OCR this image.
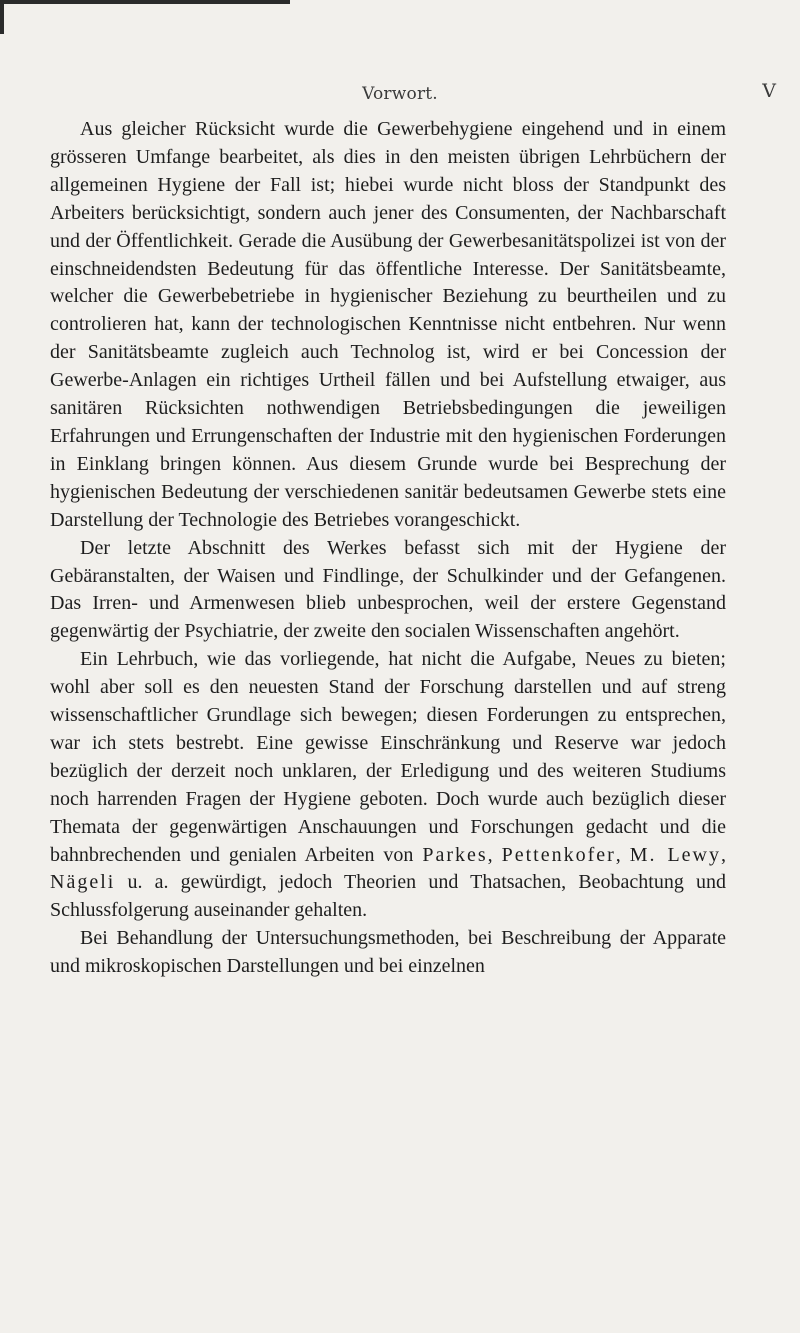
Vorwort.	V

Aus gleicher Rücksicht wurde die Gewerbehygiene eingehend und in einem grösseren Umfange bearbeitet, als dies in den meisten übrigen Lehrbüchern der allgemeinen Hygiene der Fall ist; hiebei wurde nicht bloss der Standpunkt des Arbeiters berücksichtigt, sondern auch jener des Consumenten, der Nachbarschaft und der Öffentlichkeit. Gerade die Ausübung der Gewerbesanitätspolizei ist von der einschneidendsten Bedeutung für das öffentliche Interesse. Der Sanitätsbeamte, welcher die Gewerbebetriebe in hygienischer Beziehung zu beurtheilen und zu controlieren hat, kann der technologischen Kenntnisse nicht entbehren. Nur wenn der Sanitätsbeamte zugleich auch Technolog ist, wird er bei Concession der Gewerbe-Anlagen ein richtiges Urtheil fällen und bei Aufstellung etwaiger, aus sanitären Rücksichten nothwendigen Betriebsbedingungen die jeweiligen Erfahrungen und Errungenschaften der Industrie mit den hygienischen Forderungen in Einklang bringen können. Aus diesem Grunde wurde bei Besprechung der hygienischen Bedeutung der verschiedenen sanitär bedeutsamen Gewerbe stets eine Darstellung der Technologie des Betriebes vorangeschickt.

Der letzte Abschnitt des Werkes befasst sich mit der Hygiene der Gebäranstalten, der Waisen und Findlinge, der Schulkinder und der Gefangenen. Das Irren- und Armenwesen blieb unbesprochen, weil der erstere Gegenstand gegenwärtig der Psychiatrie, der zweite den socialen Wissenschaften angehört.

Ein Lehrbuch, wie das vorliegende, hat nicht die Aufgabe, Neues zu bieten; wohl aber soll es den neuesten Stand der Forschung darstellen und auf streng wissenschaftlicher Grundlage sich bewegen; diesen Forderungen zu entsprechen, war ich stets bestrebt. Eine gewisse Einschränkung und Reserve war jedoch bezüglich der derzeit noch unklaren, der Erledigung und des weiteren Studiums noch harrenden Fragen der Hygiene geboten. Doch wurde auch bezüglich dieser Themata der gegenwärtigen Anschauungen und Forschungen gedacht und die bahnbrechenden und genialen Arbeiten von Parkes, Pettenkofer, M. Lewy, Nägeli u. a. gewürdigt, jedoch Theorien und Thatsachen, Beobachtung und Schlussfolgerung auseinander gehalten.

Bei Behandlung der Untersuchungsmethoden, bei Beschreibung der Apparate und mikroskopischen Darstellungen und bei einzelnen
